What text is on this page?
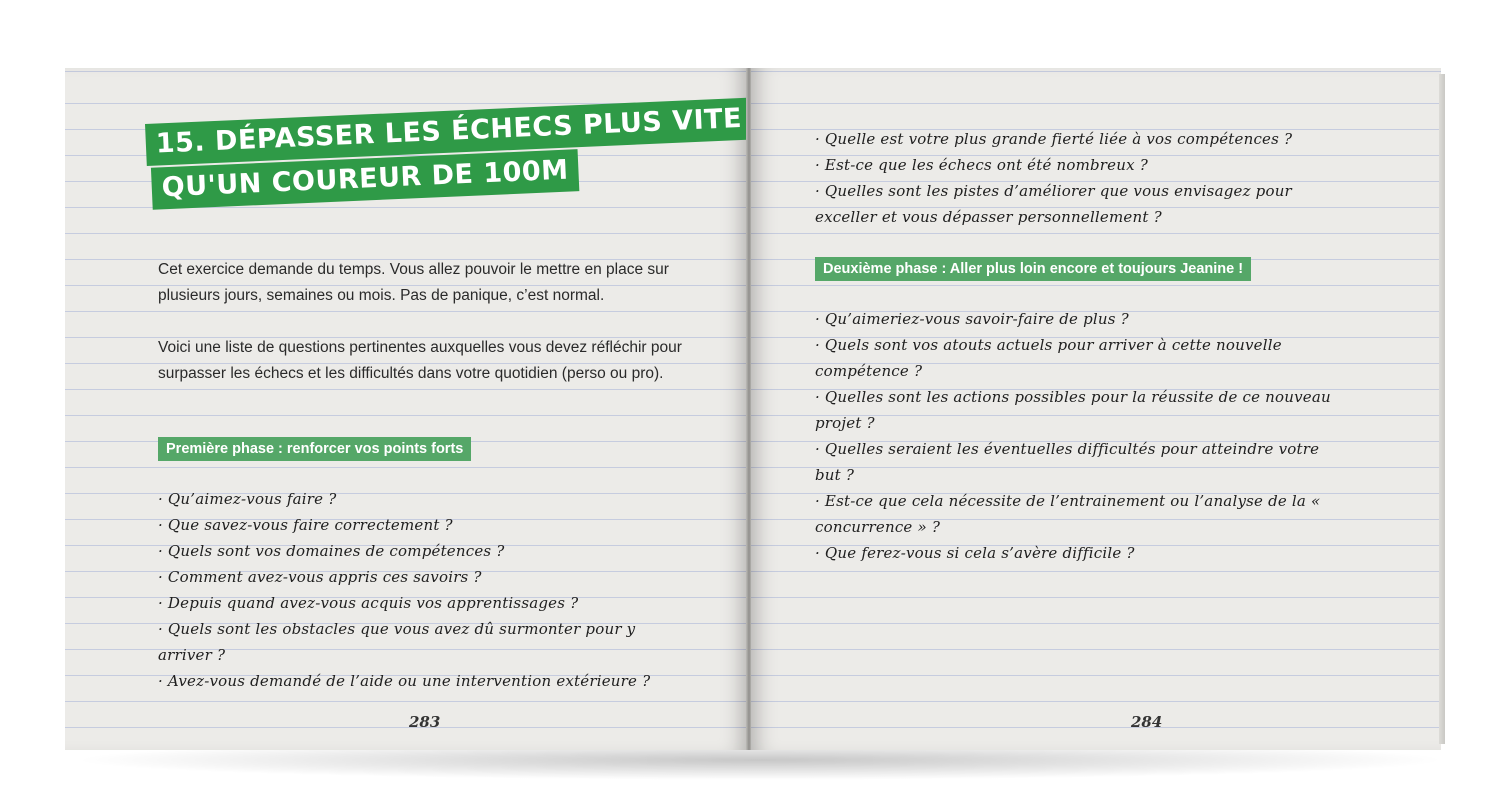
15. DÉPASSER LES ÉCHECS PLUS VITE
QU'UN COUREUR DE 100M

Cet exercice demande du temps. Vous allez pouvoir le mettre en place sur plusieurs jours, semaines ou mois. Pas de panique, c’est normal.

Voici une liste de questions pertinentes auxquelles vous devez réfléchir pour surpasser les échecs et les difficultés dans votre quotidien (perso ou pro).

Première phase : renforcer vos points forts
· Qu’aimez-vous faire ?
· Que savez-vous faire correctement ?
· Quels sont vos domaines de compétences ?
· Comment avez-vous appris ces savoirs ?
· Depuis quand avez-vous acquis vos apprentissages ?
· Quels sont les obstacles que vous avez dû surmonter pour y
arriver ?
· Avez-vous demandé de l’aide ou une intervention extérieure ?
283
· Quelle est votre plus grande fierté liée à vos compétences ?
· Est-ce que les échecs ont été nombreux ?
· Quelles sont les pistes d’améliorer que vous envisagez pour
exceller et vous dépasser personnellement ?
Deuxième phase : Aller plus loin encore et toujours Jeanine !
· Qu’aimeriez-vous savoir-faire de plus ?
· Quels sont vos atouts actuels pour arriver à cette nouvelle
compétence ?
· Quelles sont les actions possibles pour la réussite de ce nouveau
projet ?
· Quelles seraient les éventuelles difficultés pour atteindre votre
but ?
· Est-ce que cela nécessite de l’entrainement ou l’analyse de la «
concurrence » ?
· Que ferez-vous si cela s’avère difficile ?
284
